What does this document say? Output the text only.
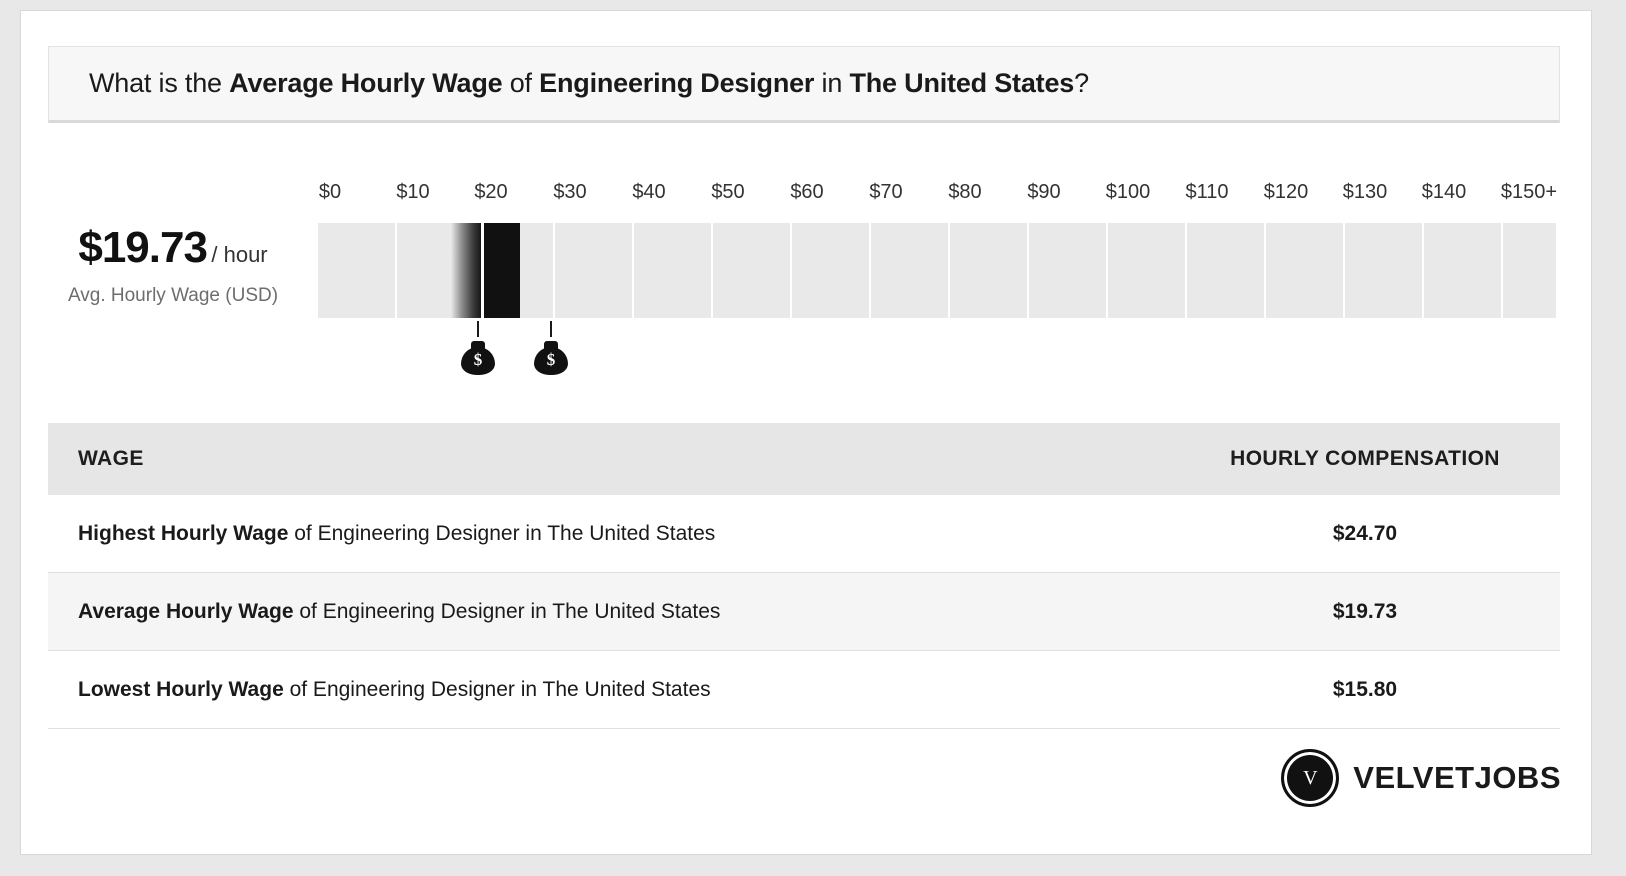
What is the Average Hourly Wage of Engineering Designer in The United States?
$19.73 / hour
Avg. Hourly Wage (USD)
$0	$10 $20 $30 $40 $50 $60 $70 $80 $90 $100 $110 $120 $130 $140 $150+
$	$
WAGE	HOURLY COMPENSATION
Highest Hourly Wage of Engineering Designer in The United States	$24.70
Average Hourly Wage of Engineering Designer in The United States	$19.73
Lowest Hourly Wage of Engineering Designer in The United States	$15.80
V	VELVETJOBS
